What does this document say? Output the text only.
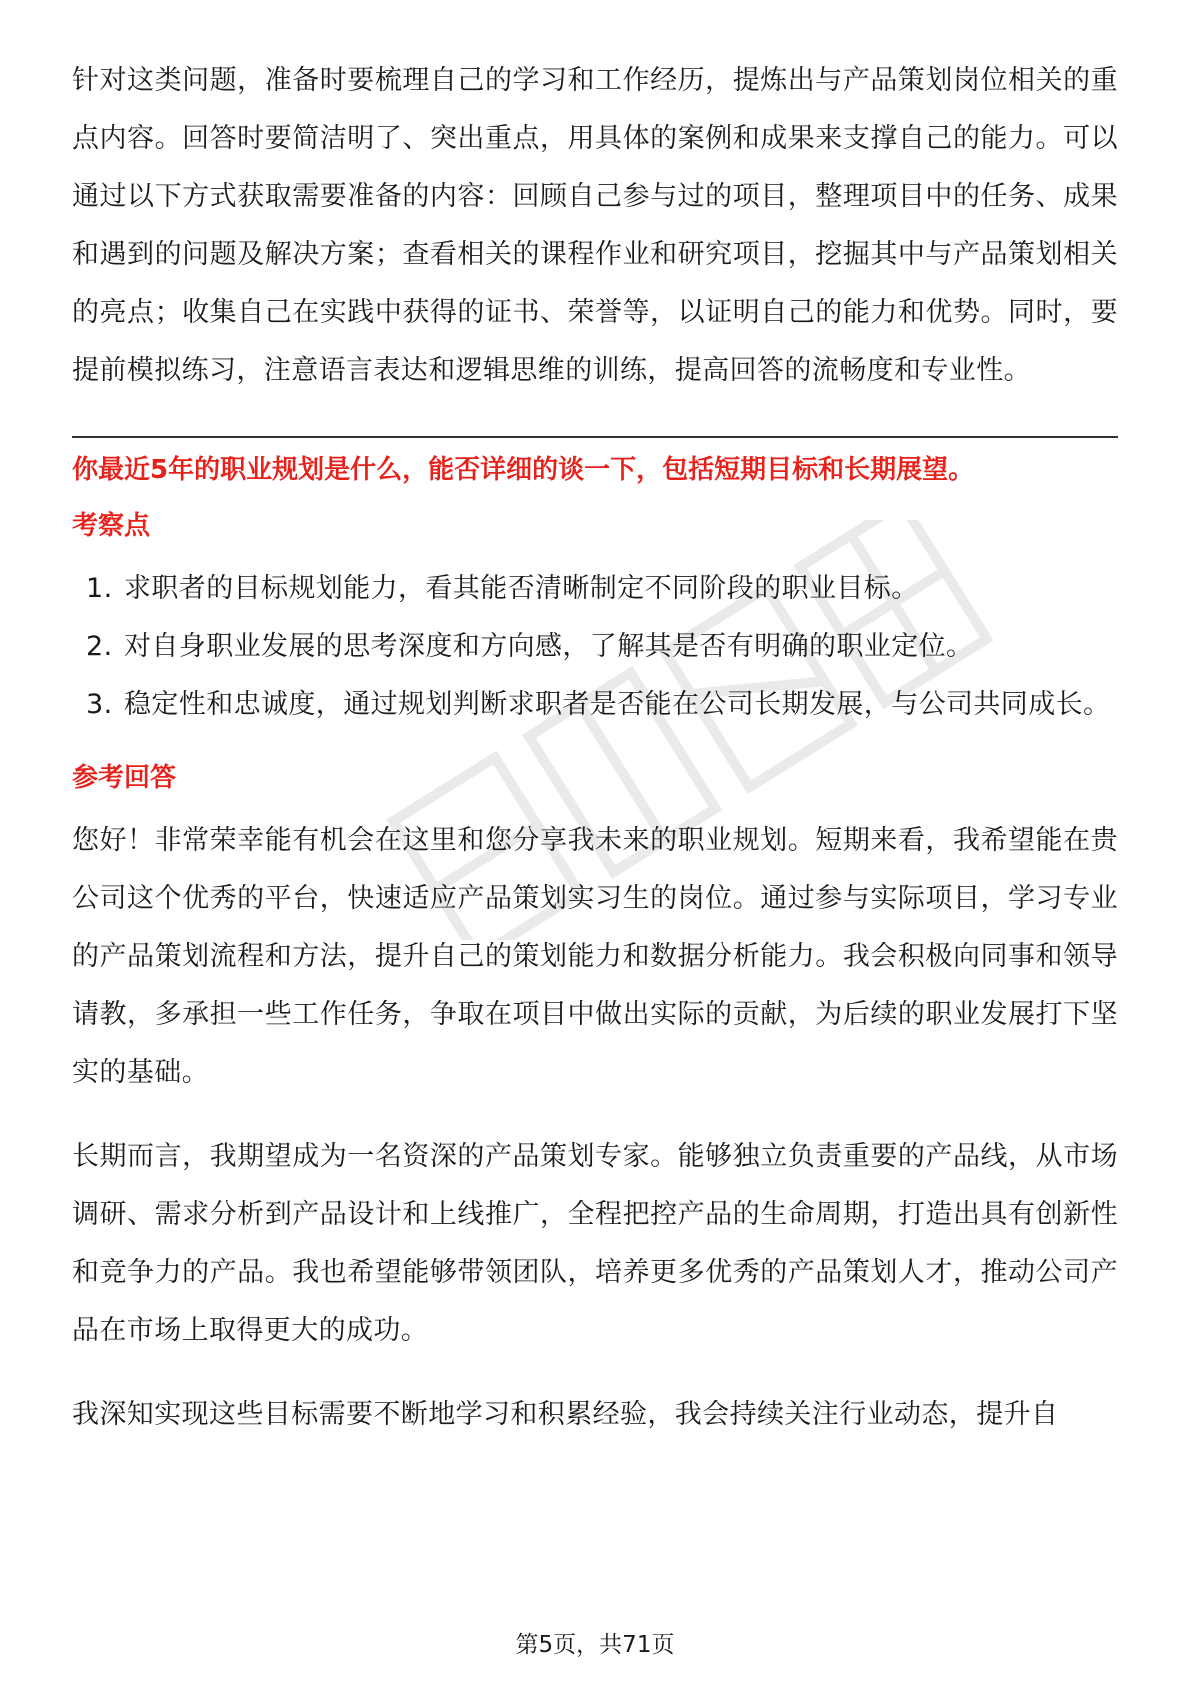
针对这类问题，准备时要梳理自己的学习和工作经历，提炼出与产品策划岗位相关的重点内容。回答时要简洁明了、突出重点，用具体的案例和成果来支撑自己的能力。可以通过以下方式获取需要准备的内容：回顾自己参与过的项目，整理项目中的任务、成果和遇到的问题及解决方案；查看相关的课程作业和研究项目，挖掘其中与产品策划相关的亮点；收集自己在实践中获得的证书、荣誉等，以证明自己的能力和优势。同时，要提前模拟练习，注意语言表达和逻辑思维的训练，提高回答的流畅度和专业性。

你最近5年的职业规划是什么，能否详细的谈一下，包括短期目标和长期展望。

考察点

1. 求职者的目标规划能力，看其能否清晰制定不同阶段的职业目标。
2. 对自身职业发展的思考深度和方向感，了解其是否有明确的职业定位。
3. 稳定性和忠诚度，通过规划判断求职者是否能在公司长期发展，与公司共同成长。

参考回答

您好！非常荣幸能有机会在这里和您分享我未来的职业规划。短期来看，我希望能在贵公司这个优秀的平台，快速适应产品策划实习生的岗位。通过参与实际项目，学习专业的产品策划流程和方法，提升自己的策划能力和数据分析能力。我会积极向同事和领导请教，多承担一些工作任务，争取在项目中做出实际的贡献，为后续的职业发展打下坚实的基础。

长期而言，我期望成为一名资深的产品策划专家。能够独立负责重要的产品线，从市场调研、需求分析到产品设计和上线推广，全程把控产品的生命周期，打造出具有创新性和竞争力的产品。我也希望能够带领团队，培养更多优秀的产品策划人才，推动公司产品在市场上取得更大的成功。

我深知实现这些目标需要不断地学习和积累经验，我会持续关注行业动态，提升自

第5页，共71页
